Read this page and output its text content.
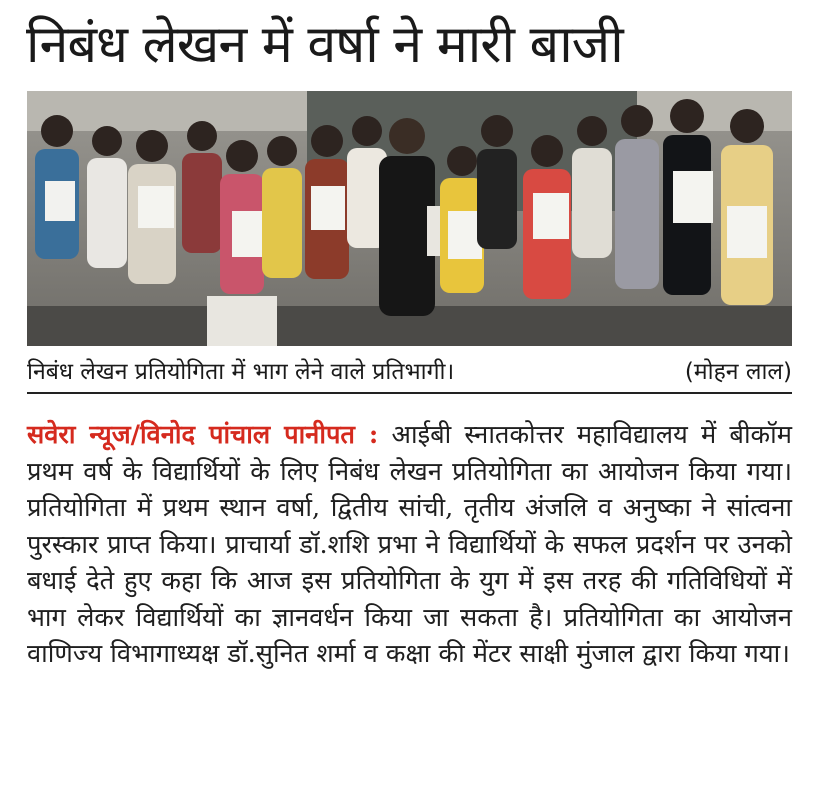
निबंध लेखन में वर्षा ने मारी बाजी
निबंध लेखन प्रतियोगिता में भाग लेने वाले प्रतिभागी।	(मोहन लाल)
सवेरा न्यूज/विनोद पांचाल पानीपत : आईबी स्नातकोत्तर महाविद्यालय में बीकॉम प्रथम वर्ष के विद्यार्थियों के लिए निबंध लेखन प्रतियोगिता का आयोजन किया गया। प्रतियोगिता में प्रथम स्थान वर्षा, द्वितीय सांची, तृतीय अंजलि व अनुष्का ने सांत्वना पुरस्कार प्राप्त किया। प्राचार्या डॉ.शशि प्रभा ने विद्यार्थियों के सफल प्रदर्शन पर उनको बधाई देते हुए कहा कि आज इस प्रतियोगिता के युग में इस तरह की गतिविधियों में भाग लेकर विद्यार्थियों का ज्ञानवर्धन किया जा सकता है। प्रतियोगिता का आयोजन वाणिज्य विभागाध्यक्ष डॉ.सुनित शर्मा व कक्षा की मेंटर साक्षी मुंजाल द्वारा किया गया।
